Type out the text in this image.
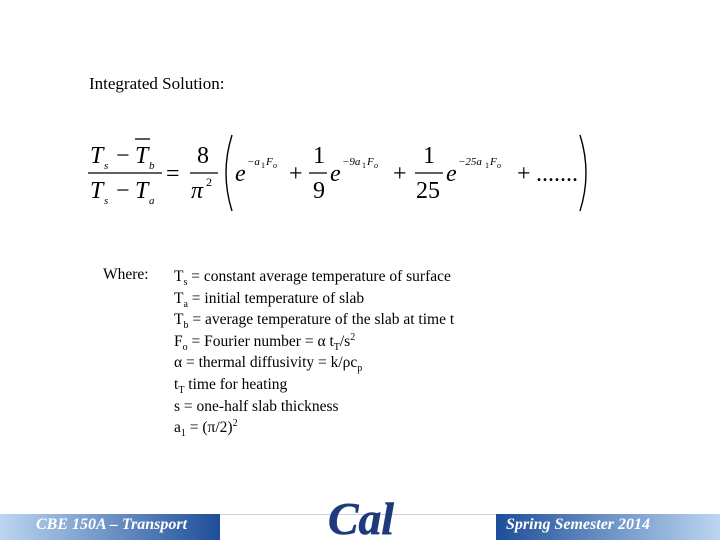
Integrated Solution:
T s − T b
T s − T a
=
8
π 2 e −a 1 F o +
1
9
e −9a 1 F o +
1
25
e −25a 1 F o + .......
Where: $T_s$ = constant average temperature of surface
$T_a$ = initial temperature of slab
$T_b$ = average temperature of the slab at time t
$F_o$ = Fourier number = α $t_T/s^2$
α = thermal diffusivity = $k/\rho c_p$
$t_T$ time for heating
s = one-half slab thickness
$a_1 = (\pi/2)^2$
CBE 150A – Transport	Spring Semester 2014
Cal
